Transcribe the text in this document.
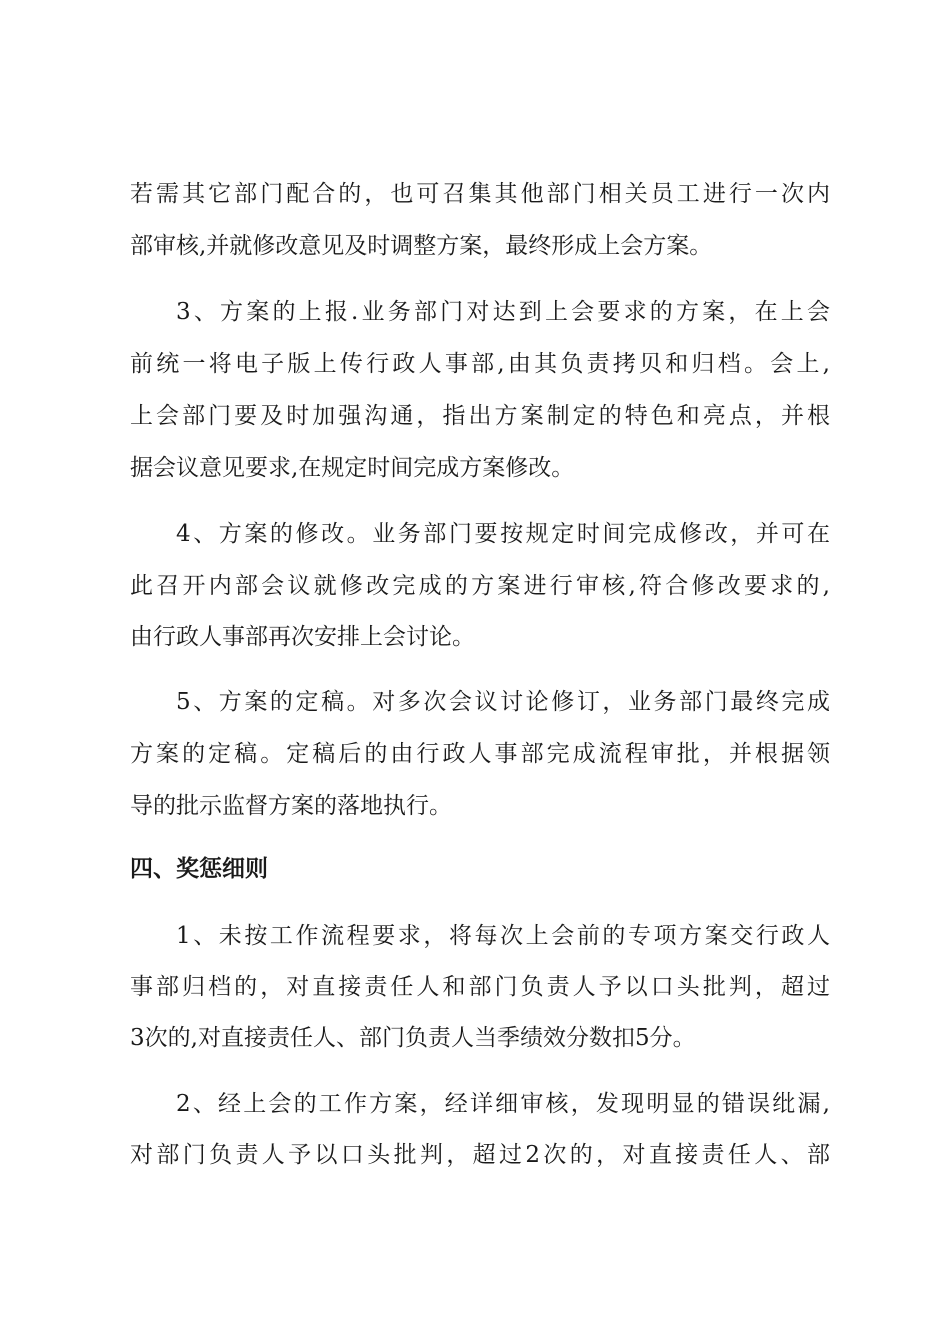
若需其它部门配合的，也可召集其他部门相关员工进行一次内
部审核,并就修改意见及时调整方案，最终形成上会方案。
3、方案的上报.业务部门对达到上会要求的方案，在上会
前统一将电子版上传行政人事部,由其负责拷贝和归档。会上,
上会部门要及时加强沟通，指出方案制定的特色和亮点，并根
据会议意见要求,在规定时间完成方案修改。
4、方案的修改。业务部门要按规定时间完成修改，并可在
此召开内部会议就修改完成的方案进行审核,符合修改要求的,
由行政人事部再次安排上会讨论。
5、方案的定稿。对多次会议讨论修订，业务部门最终完成
方案的定稿。定稿后的由行政人事部完成流程审批，并根据领
导的批示监督方案的落地执行。
四、奖惩细则
1、未按工作流程要求，将每次上会前的专项方案交行政人
事部归档的，对直接责任人和部门负责人予以口头批判，超过
3次的,对直接责任人、部门负责人当季绩效分数扣5分。
2、经上会的工作方案，经详细审核，发现明显的错误纰漏,
对部门负责人予以口头批判，超过2次的，对直接责任人、部
